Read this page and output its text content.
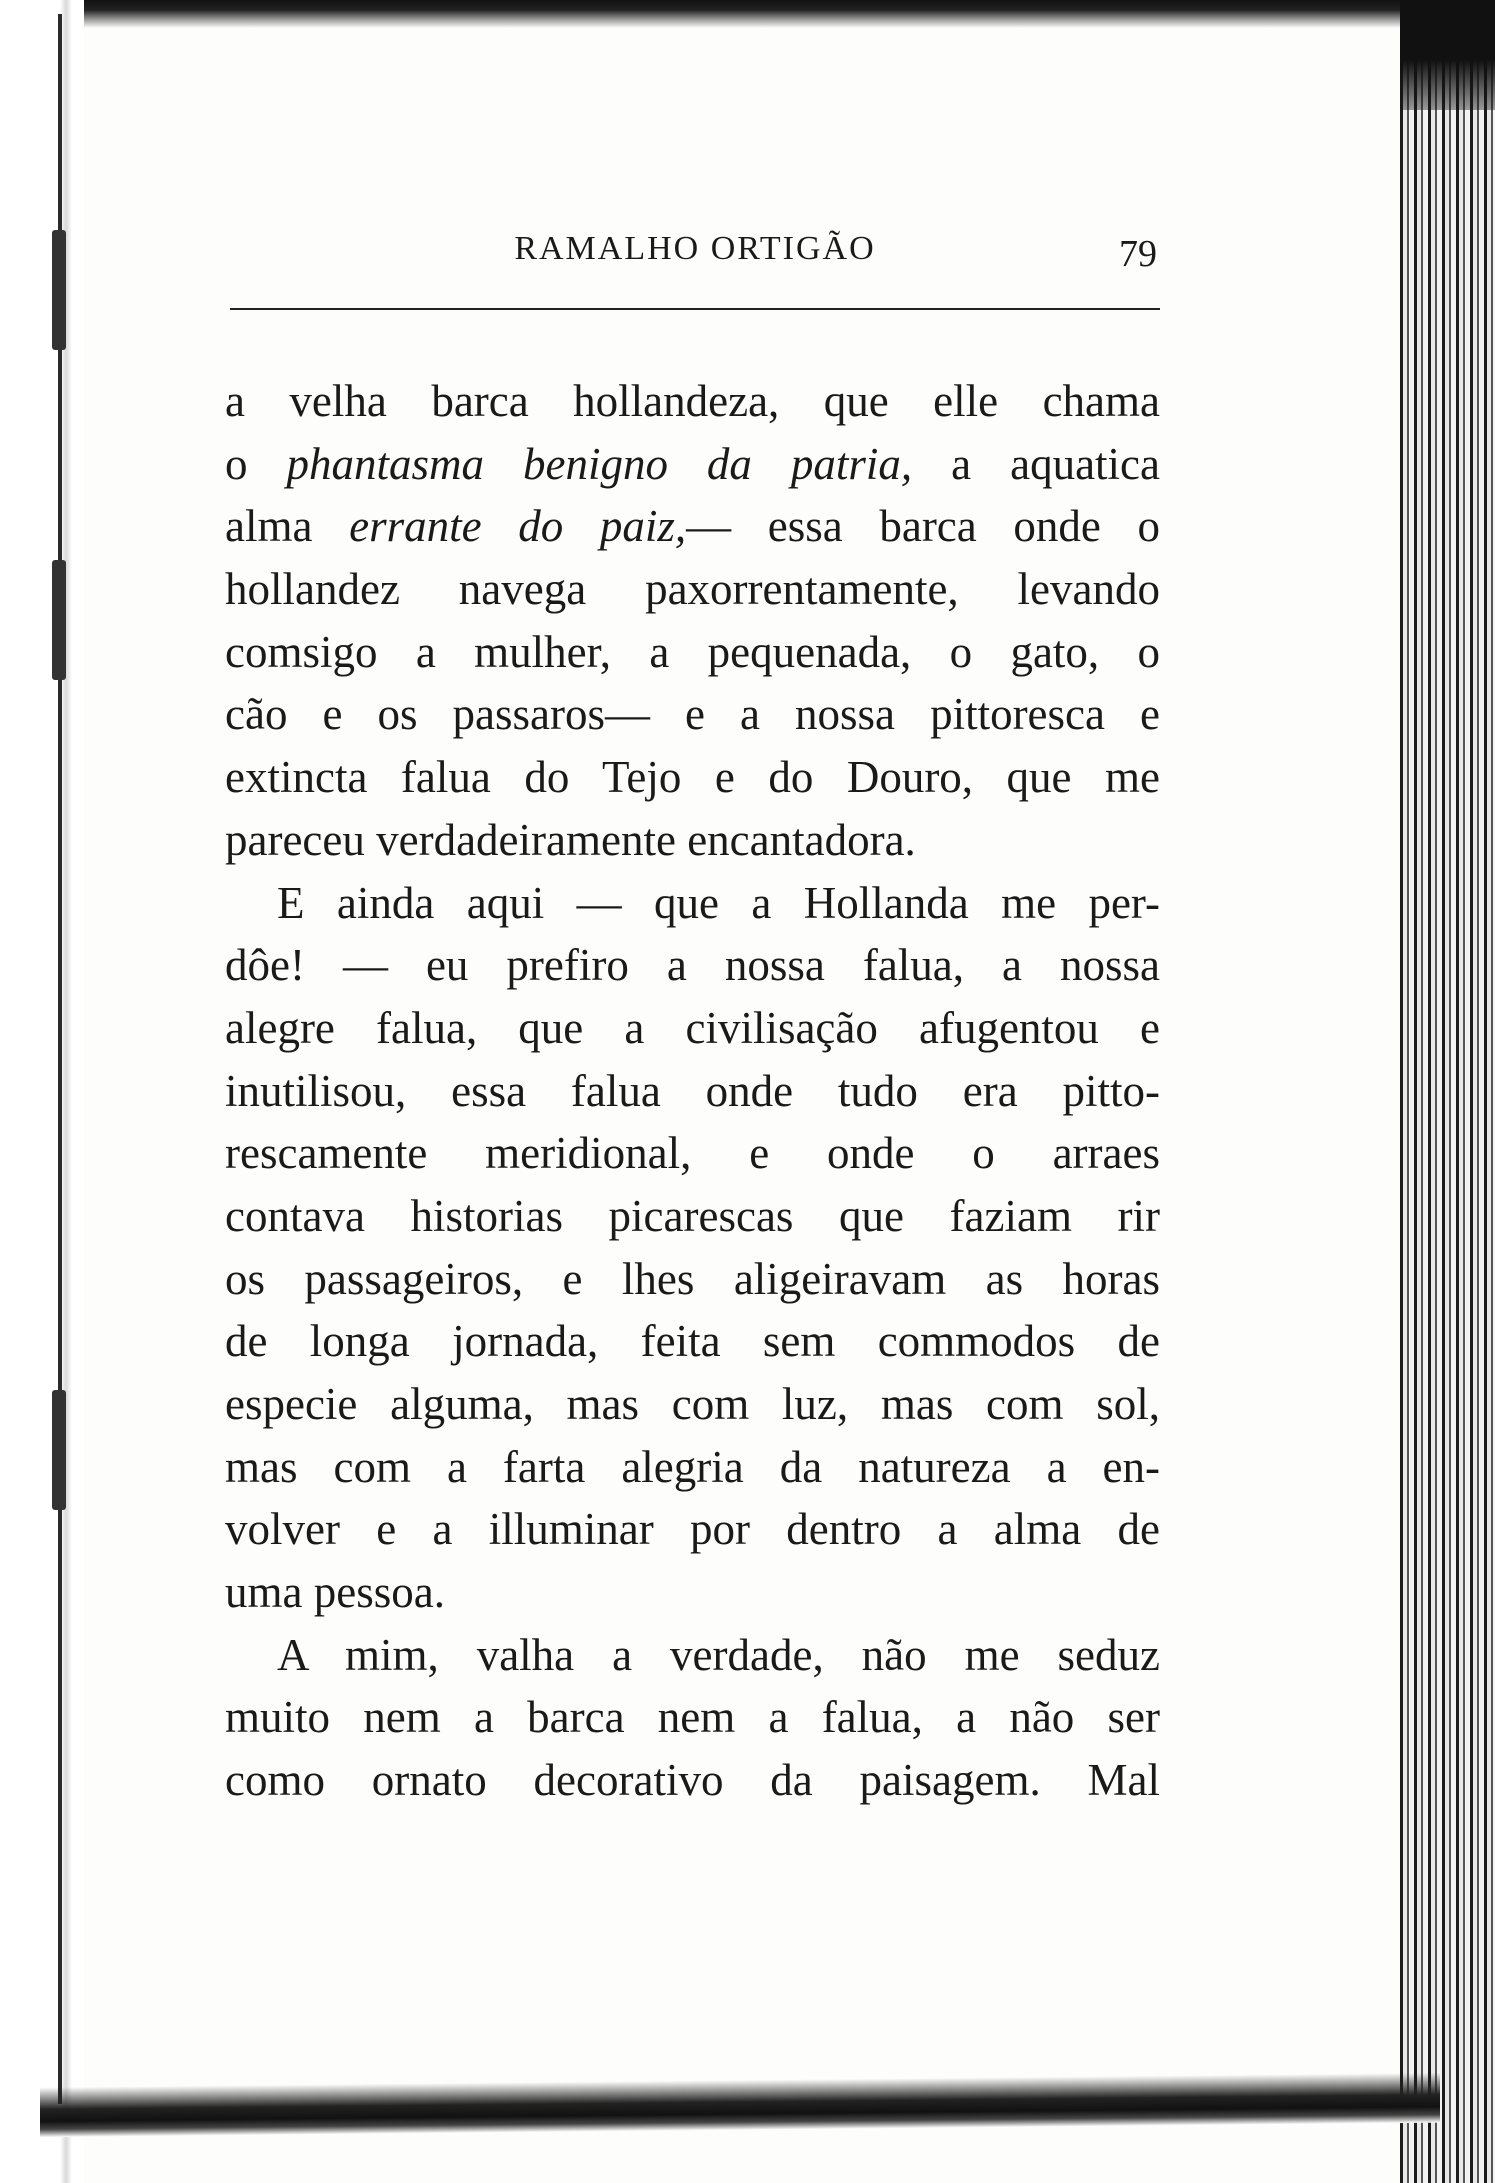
RAMALHO ORTIGÃO	79
a velha barca hollandeza, que elle chama
o phantasma benigno da patria, a aquatica
alma errante do paiz,— essa barca onde o
hollandez navega paxorrentamente, levando
comsigo a mulher, a pequenada, o gato, o
cão e os passaros— e a nossa pittoresca e
extincta falua do Tejo e do Douro, que me
pareceu verdadeiramente encantadora.
E ainda aqui — que a Hollanda me per-
dôe! — eu prefiro a nossa falua, a nossa
alegre falua, que a civilisação afugentou e
inutilisou, essa falua onde tudo era pitto-
rescamente meridional, e onde o arraes
contava historias picarescas que faziam rir
os passageiros, e lhes aligeiravam as horas
de longa jornada, feita sem commodos de
especie alguma, mas com luz, mas com sol,
mas com a farta alegria da natureza a en-
volver e a illuminar por dentro a alma de
uma pessoa.
A mim, valha a verdade, não me seduz
muito nem a barca nem a falua, a não ser
como ornato decorativo da paisagem. Mal
